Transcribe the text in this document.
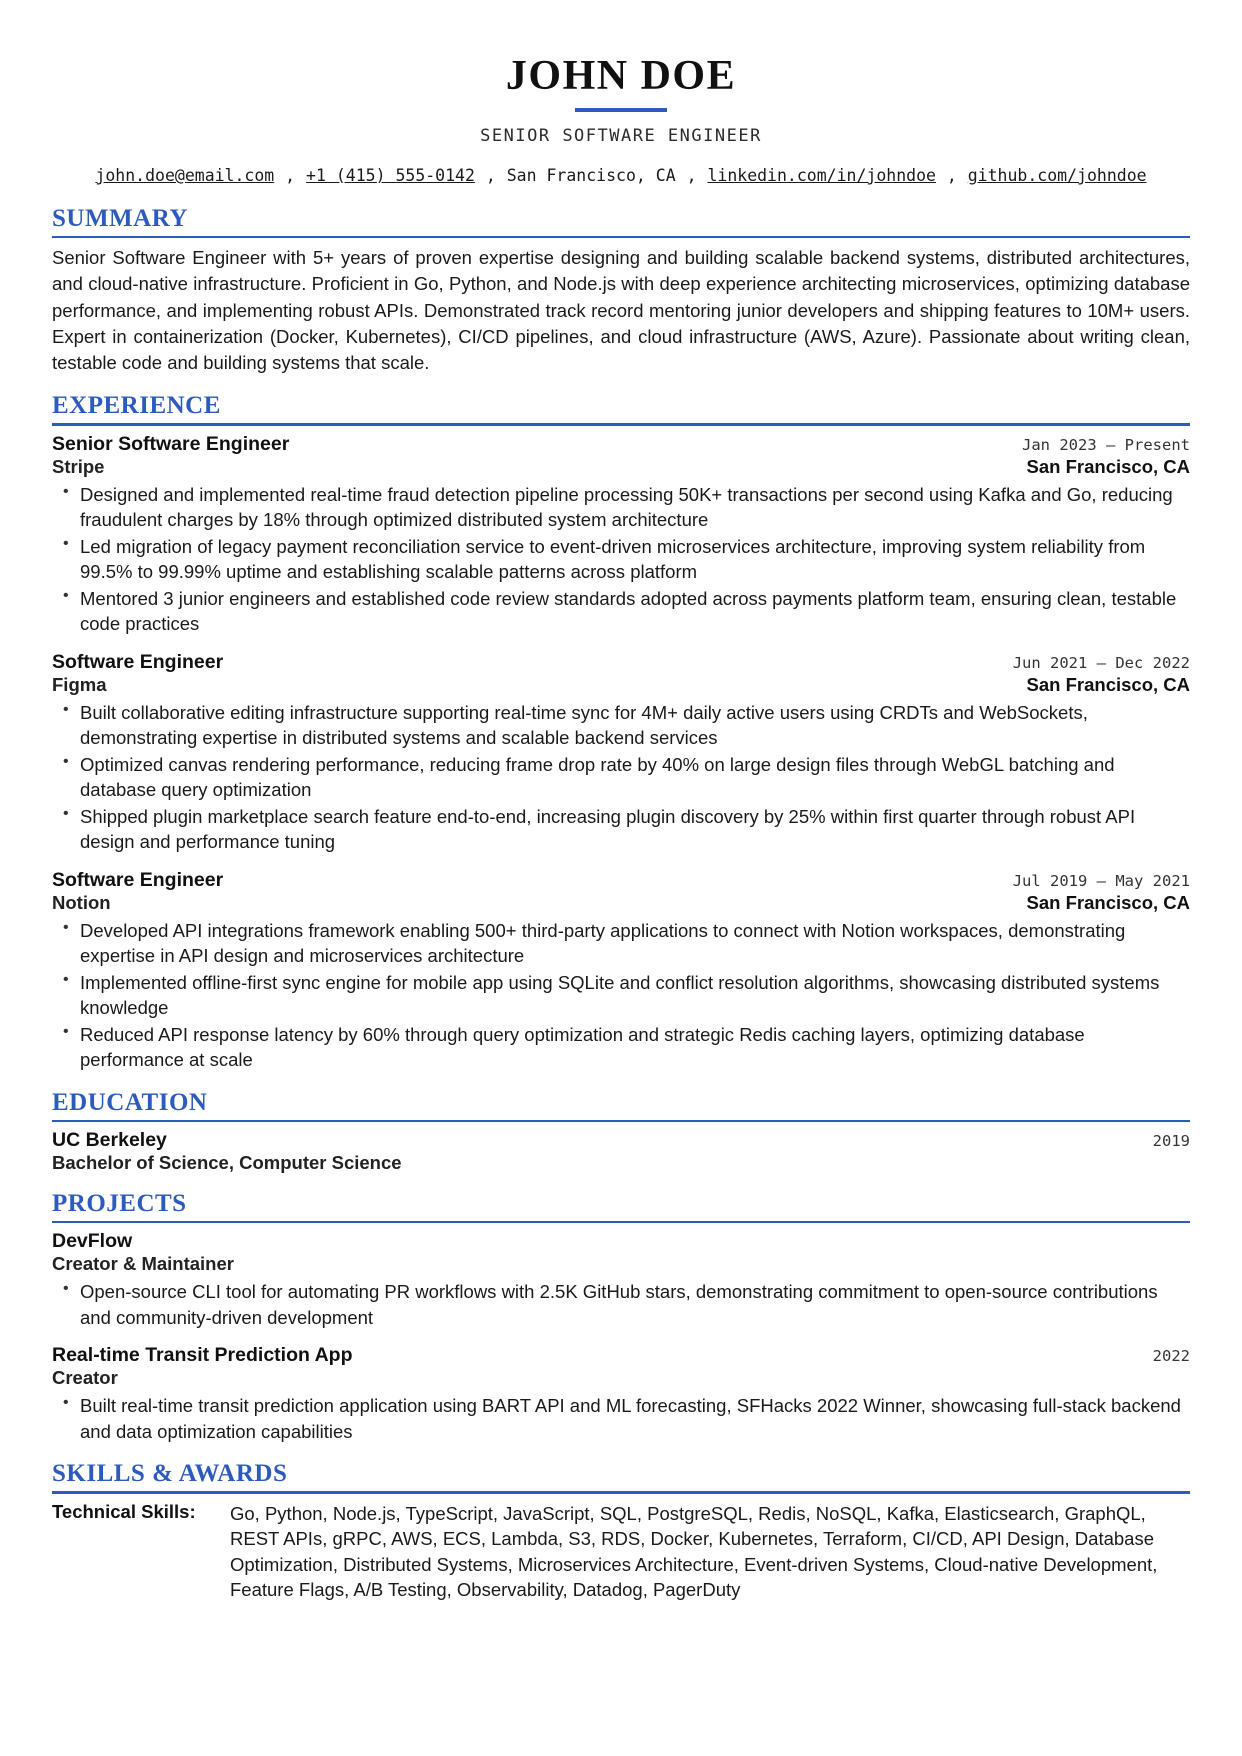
JOHN DOE
SENIOR SOFTWARE ENGINEER
john.doe@email.com , +1 (415) 555-0142 , San Francisco, CA , linkedin.com/in/johndoe , github.com/johndoe
SUMMARY
Senior Software Engineer with 5+ years of proven expertise designing and building scalable backend systems, distributed architectures, and cloud-native infrastructure. Proficient in Go, Python, and Node.js with deep experience architecting microservices, optimizing database performance, and implementing robust APIs. Demonstrated track record mentoring junior developers and shipping features to 10M+ users. Expert in containerization (Docker, Kubernetes), CI/CD pipelines, and cloud infrastructure (AWS, Azure). Passionate about writing clean, testable code and building systems that scale.
EXPERIENCE
Senior Software Engineer	Jan 2023 – Present
Stripe	San Francisco, CA
• Designed and implemented real-time fraud detection pipeline processing 50K+ transactions per second using Kafka and Go, reducing fraudulent charges by 18% through optimized distributed system architecture
• Led migration of legacy payment reconciliation service to event-driven microservices architecture, improving system reliability from 99.5% to 99.99% uptime and establishing scalable patterns across platform
• Mentored 3 junior engineers and established code review standards adopted across payments platform team, ensuring clean, testable code practices
Software Engineer	Jun 2021 – Dec 2022
Figma	San Francisco, CA
• Built collaborative editing infrastructure supporting real-time sync for 4M+ daily active users using CRDTs and WebSockets, demonstrating expertise in distributed systems and scalable backend services
• Optimized canvas rendering performance, reducing frame drop rate by 40% on large design files through WebGL batching and database query optimization
• Shipped plugin marketplace search feature end-to-end, increasing plugin discovery by 25% within first quarter through robust API design and performance tuning
Software Engineer	Jul 2019 – May 2021
Notion	San Francisco, CA
• Developed API integrations framework enabling 500+ third-party applications to connect with Notion workspaces, demonstrating expertise in API design and microservices architecture
• Implemented offline-first sync engine for mobile app using SQLite and conflict resolution algorithms, showcasing distributed systems knowledge
• Reduced API response latency by 60% through query optimization and strategic Redis caching layers, optimizing database performance at scale
EDUCATION
UC Berkeley	2019
Bachelor of Science, Computer Science
PROJECTS
DevFlow
Creator & Maintainer
• Open-source CLI tool for automating PR workflows with 2.5K GitHub stars, demonstrating commitment to open-source contributions and community-driven development
Real-time Transit Prediction App	2022
Creator
• Built real-time transit prediction application using BART API and ML forecasting, SFHacks 2022 Winner, showcasing full-stack backend and data optimization capabilities
SKILLS & AWARDS
Technical Skills:	Go, Python, Node.js, TypeScript, JavaScript, SQL, PostgreSQL, Redis, NoSQL, Kafka, Elasticsearch, GraphQL, REST APIs, gRPC, AWS, ECS, Lambda, S3, RDS, Docker, Kubernetes, Terraform, CI/CD, API Design, Database Optimization, Distributed Systems, Microservices Architecture, Event-driven Systems, Cloud-native Development, Feature Flags, A/B Testing, Observability, Datadog, PagerDuty
